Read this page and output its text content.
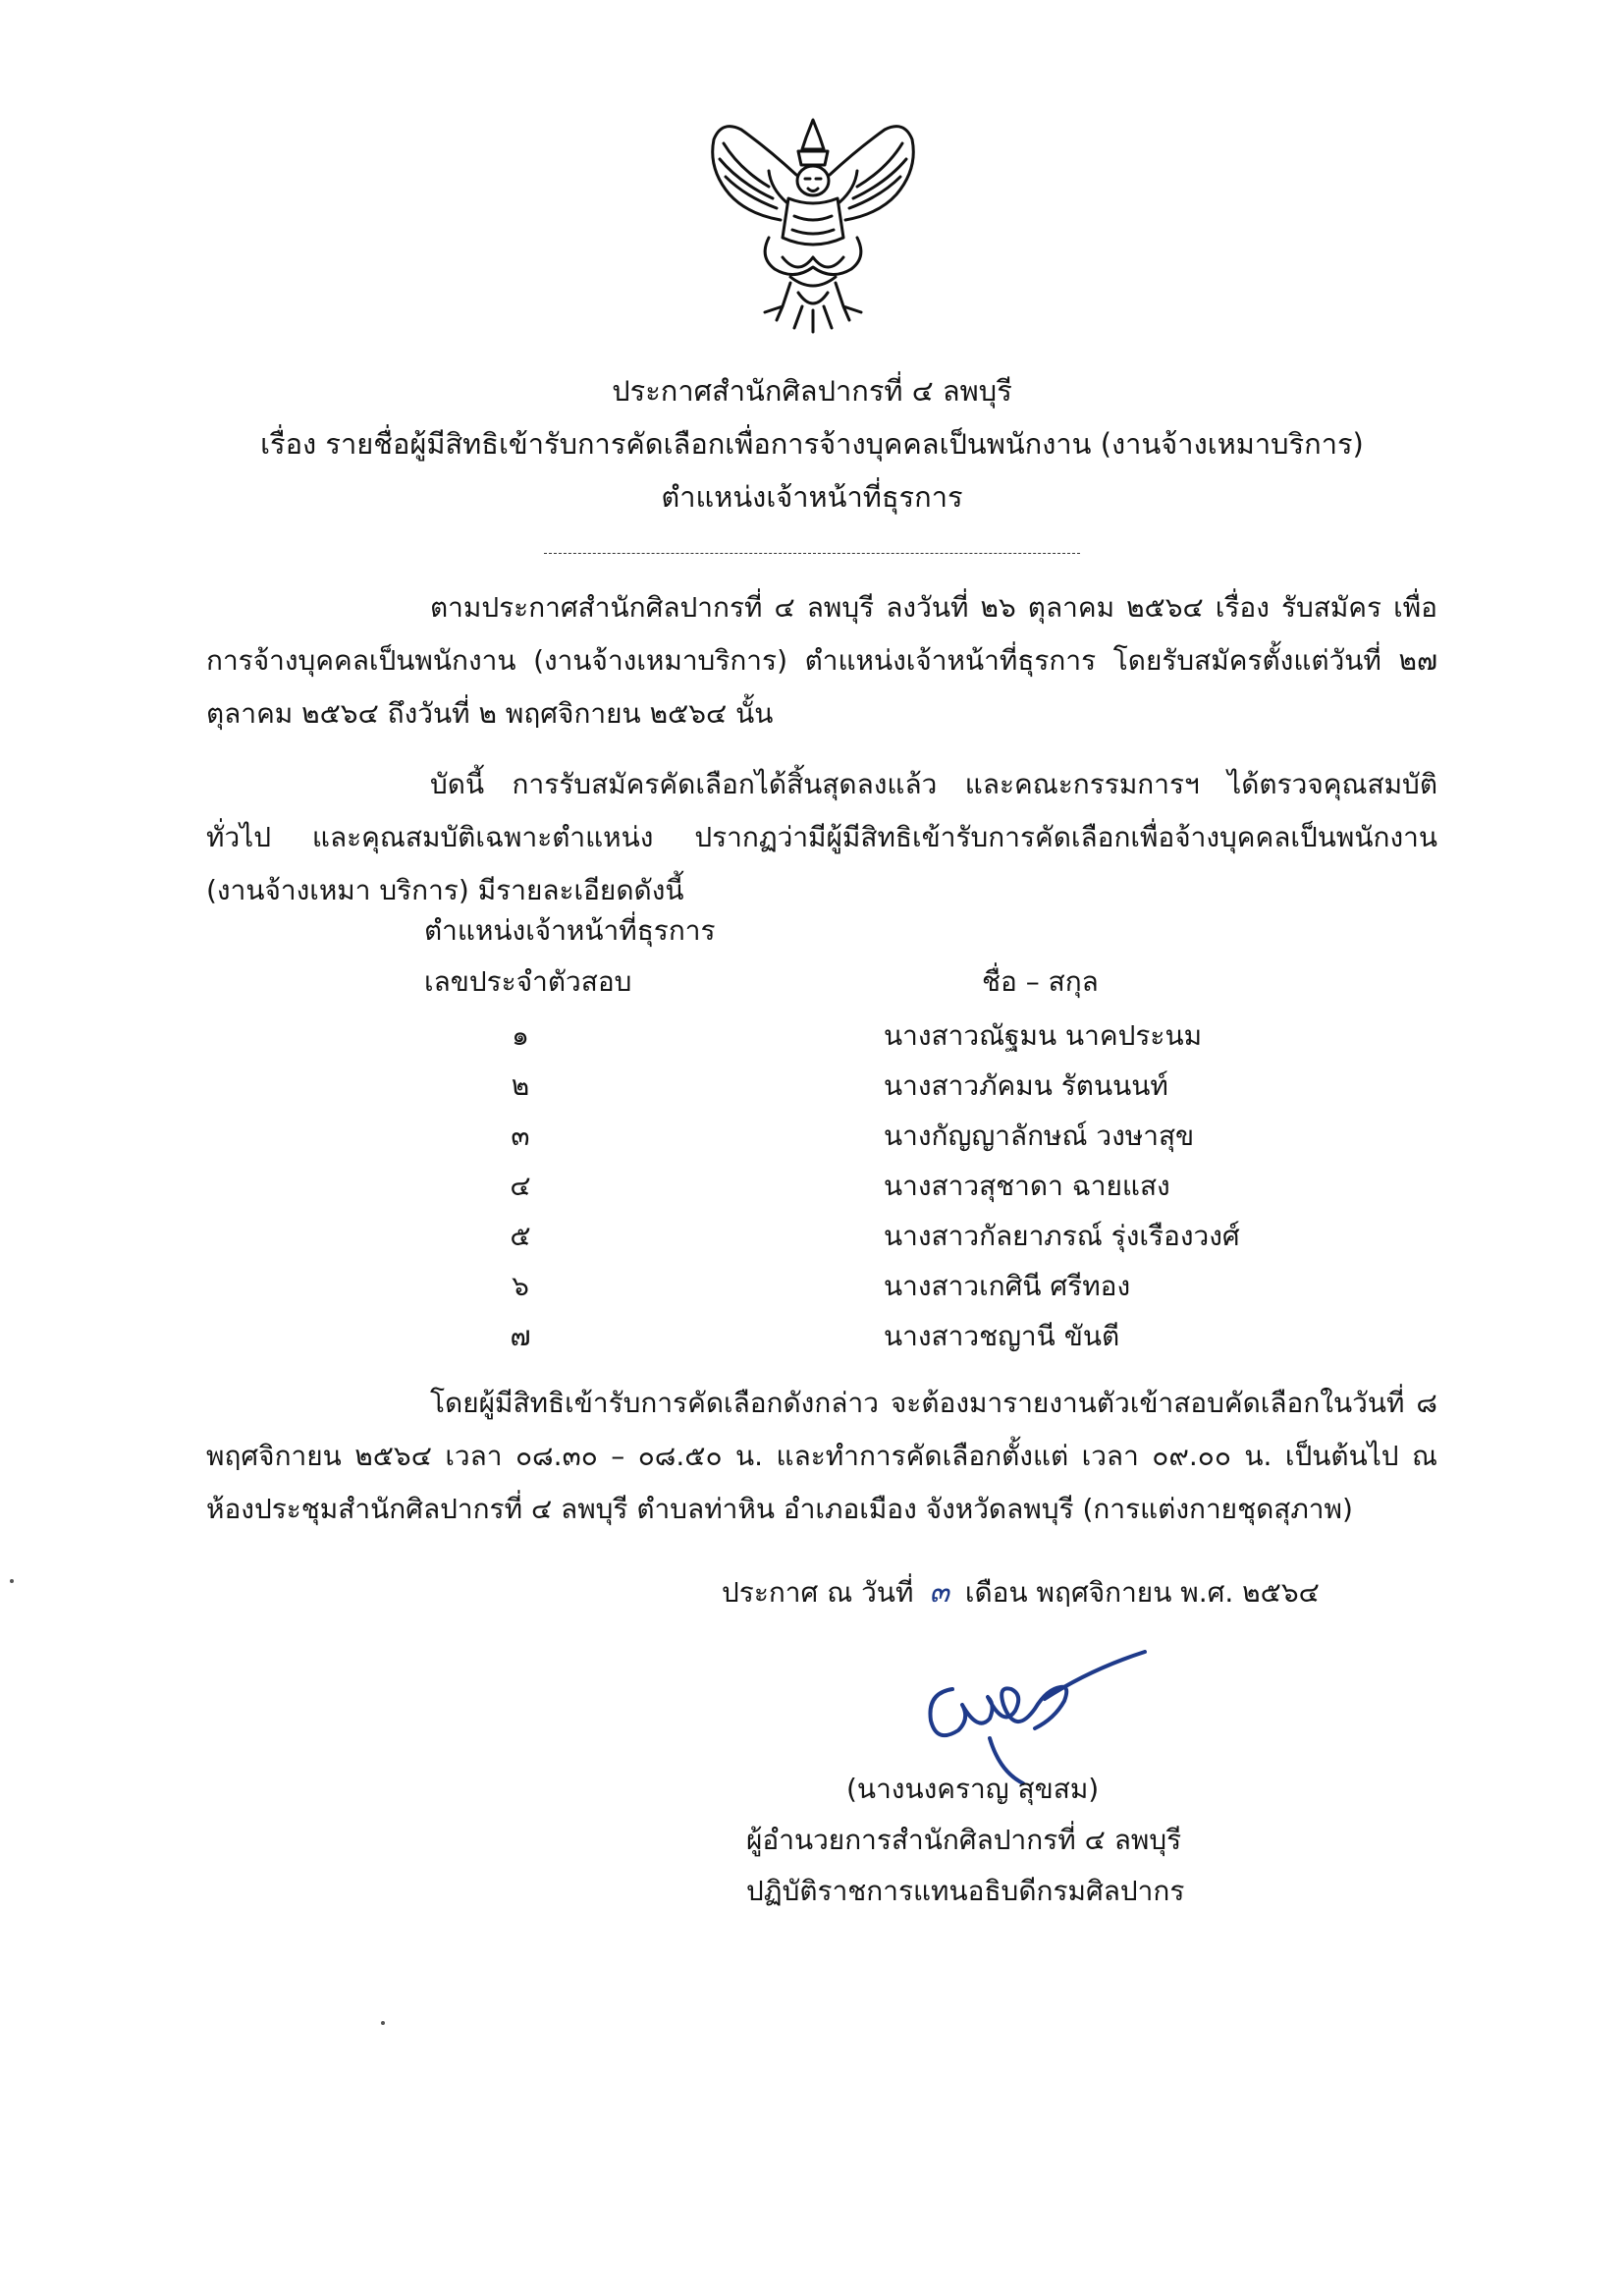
ประกาศสำนักศิลปากรที่ ๔ ลพบุรี
เรื่อง รายชื่อผู้มีสิทธิเข้ารับการคัดเลือกเพื่อการจ้างบุคคลเป็นพนักงาน (งานจ้างเหมาบริการ)
ตำแหน่งเจ้าหน้าที่ธุรการ

ตามประกาศสำนักศิลปากรที่ ๔ ลพบุรี ลงวันที่ ๒๖ ตุลาคม ๒๕๖๔ เรื่อง รับสมัคร เพื่อการจ้างบุคคลเป็นพนักงาน (งานจ้างเหมาบริการ) ตำแหน่งเจ้าหน้าที่ธุรการ โดยรับสมัครตั้งแต่วันที่ ๒๗ ตุลาคม ๒๕๖๔ ถึงวันที่ ๒ พฤศจิกายน ๒๕๖๔ นั้น

บัดนี้ การรับสมัครคัดเลือกได้สิ้นสุดลงแล้ว และคณะกรรมการฯ ได้ตรวจคุณสมบัติทั่วไป และคุณสมบัติเฉพาะตำแหน่ง ปรากฏว่ามีผู้มีสิทธิเข้ารับการคัดเลือกเพื่อจ้างบุคคลเป็นพนักงาน (งานจ้างเหมา บริการ) มีรายละเอียดดังนี้

ตำแหน่งเจ้าหน้าที่ธุรการ
เลขประจำตัวสอบ	ชื่อ – สกุล
๑	นางสาวณัฐมน นาคประนม
๒	นางสาวภัคมน รัตนนนท์
๓	นางกัญญาลักษณ์ วงษาสุข
๔	นางสาวสุชาดา ฉายแสง
๕	นางสาวกัลยาภรณ์ รุ่งเรืองวงศ์
๖	นางสาวเกศินี ศรีทอง
๗	นางสาวชญานี ขันตี

โดยผู้มีสิทธิเข้ารับการคัดเลือกดังกล่าว จะต้องมารายงานตัวเข้าสอบคัดเลือกในวันที่ ๘ พฤศจิกายน ๒๕๖๔ เวลา ๐๘.๓๐ – ๐๘.๕๐ น. และทำการคัดเลือกตั้งแต่ เวลา ๐๙.๐๐ น. เป็นต้นไป ณ ห้องประชุมสำนักศิลปากรที่ ๔ ลพบุรี ตำบลท่าหิน อำเภอเมือง จังหวัดลพบุรี (การแต่งกายชุดสุภาพ)

ประกาศ ณ วันที่ ๓ เดือน พฤศจิกายน พ.ศ. ๒๕๖๔
(นางนงคราญ สุขสม)
ผู้อำนวยการสำนักศิลปากรที่ ๔ ลพบุรี
ปฏิบัติราชการแทนอธิบดีกรมศิลปากร
